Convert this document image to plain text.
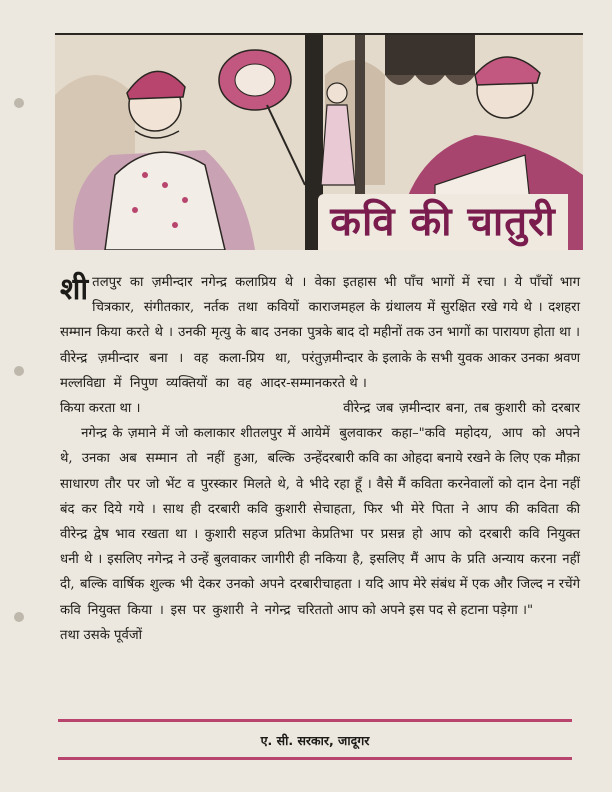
कवि की चातुरी

शीतलपुर का ज़मीन्दार नगेन्द्र कलाप्रिय थे । वे चित्रकार, संगीतकार, नर्तक तथा कवियों का सम्मान किया करते थे । उनकी मृत्यु के बाद उनका पुत्र वीरेन्द्र ज़मीन्दार बना । वह कला-प्रिय था, परंतु मल्लविद्या में निपुण व्यक्तियों का वह आदर-सम्मान किया करता था ।

नगेन्द्र के ज़माने में जो कलाकार शीतलपुर में आये थे, उनका अब सम्मान तो नहीं हुआ, बल्कि उन्हें साधारण तौर पर जो भेंट व पुरस्कार मिलते थे, वे भी बंद कर दिये गये । साथ ही दरबारी कवि कुशारी से वीरेन्द्र द्वेष भाव रखता था । कुशारी सहज प्रतिभा के धनी थे । इसलिए नगेन्द्र ने उन्हें बुलवाकर जागीरी ही न दी, बल्कि वार्षिक शुल्क भी देकर उनको अपने दरबारी कवि नियुक्त किया । इस पर कुशारी ने नगेन्द्र चरित तथा उसके पूर्वजों

का इतहास भी पाँच भागों में रचा । ये पाँचों भाग राजमहल के ग्रंथालय में सुरक्षित रखे गये थे । दशहरा के बाद दो महीनों तक उन भागों का पारायण होता था । ज़मीन्दार के इलाके के सभी युवक आकर उनका श्रवण करते थे ।

वीरेन्द्र जब ज़मीन्दार बना, तब कुशारी को दरबार में बुलवाकर कहा–"कवि महोदय, आप को अपने दरबारी कवि का ओहदा बनाये रखने के लिए एक मौक़ा दे रहा हूँ । वैसे मैं कविता करनेवालों को दान देना नहीं चाहता, फिर भी मेरे पिता ने आप की कविता की प्रतिभा पर प्रसन्न हो आप को दरबारी कवि नियुक्त किया है, इसलिए मैं आप के प्रति अन्याय करना नहीं चाहता । यदि आप मेरे संबंध में एक और जिल्द न रचेंगे तो आप को अपने इस पद से हटाना पड़ेगा ।"

ए. सी. सरकार, जादूगर
